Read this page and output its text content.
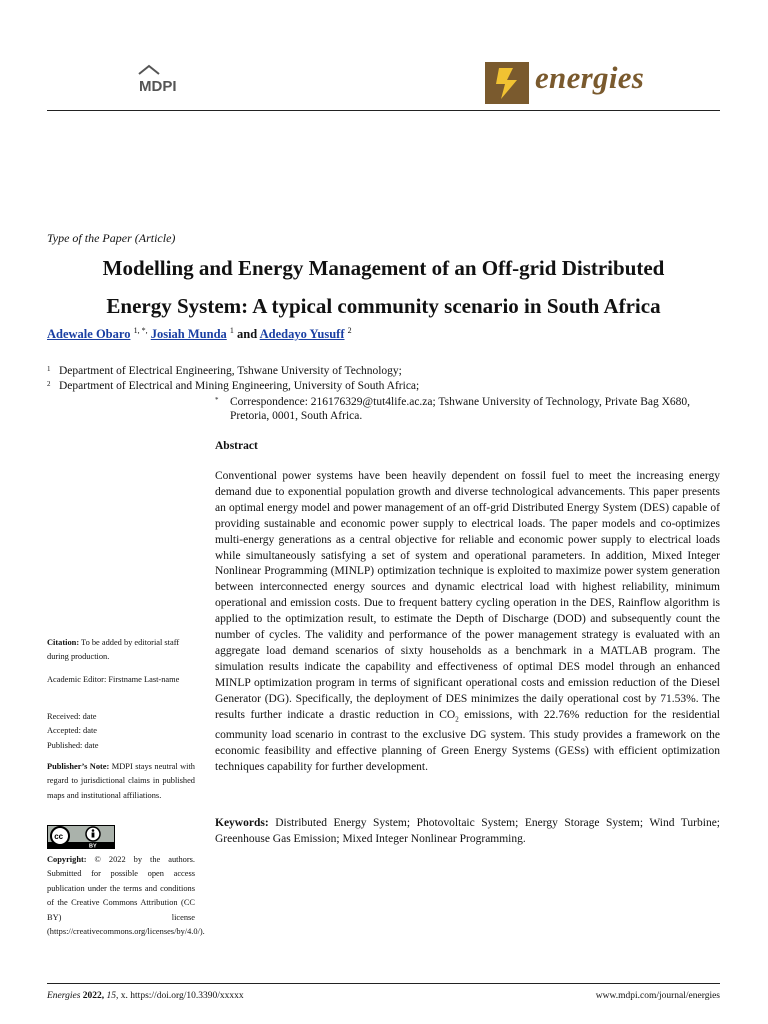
MDPI	energies
Type of the Paper (Article)
Modelling and Energy Management of an Off-grid Distributed
Energy System: A typical community scenario in South Africa
Adewale Obaro $^{1, *,}$ Josiah Munda $^1$ and Adedayo Yusuff $^2$
1 Department of Electrical Engineering, Tshwane University of Technology;
2 Department of Electrical and Mining Engineering, University of South Africa;
* Correspondence: 216176329@tut4life.ac.za; Tshwane University of Technology, Private Bag X680, Pretoria, 0001, South Africa.
Abstract
Conventional power systems have been heavily dependent on fossil fuel to meet the increasing energy demand due to exponential population growth and diverse technological advancements. This paper presents an optimal energy model and power management of an off-grid Distributed Energy System (DES) capable of providing sustainable and economic power supply to electrical loads. The paper models and co-optimizes multi-energy generations as a central objective for reliable and economic power supply to electrical loads while simultaneously satisfying a set of system and operational parameters. In addition, Mixed Integer Nonlinear Programming (MINLP) optimization technique is exploited to maximize power system generation between interconnected energy sources and dynamic electrical load with highest reliability, minimum operational and emission costs. Due to frequent battery cycling operation in the DES, Rainflow algorithm is applied to the optimization result, to estimate the Depth of Discharge (DOD) and subsequently count the number of cycles. The validity and performance of the power management strategy is evaluated with an aggregate load demand scenarios of sixty households as a benchmark in a MATLAB program. The simulation results indicate the capability and effectiveness of optimal DES model through an enhanced MINLP optimization program in terms of significant operational costs and emission reduction of the Diesel Generator (DG). Specifically, the deployment of DES minimizes the daily operational cost by 71.53%. The results further indicate a drastic reduction in $CO_2$ emissions, with 22.76% reduction for the residential community load scenario in contrast to the exclusive DG system. This study provides a framework on the economic feasibility and effective planning of Green Energy Systems (GESs) with efficient optimization techniques capability for further development.
Keywords: Distributed Energy System; Photovoltaic System; Energy Storage System; Wind Turbine; Greenhouse Gas Emission; Mixed Integer Nonlinear Programming.
Citation: To be added by editorial staff during production.
Academic Editor: Firstname Last-name
Received: date
Accepted: date
Published: date
Publisher’s Note: MDPI stays neutral with regard to jurisdictional claims in published maps and institutional affiliations.
cc
BY
Copyright: © 2022 by the authors. Submitted for possible open access publication under the terms and conditions of the Creative Commons Attribution (CC BY) license (https://creativecommons.org/licenses/by/4.0/).
Energies 2022, 15, x. https://doi.org/10.3390/xxxxx	www.mdpi.com/journal/energies
